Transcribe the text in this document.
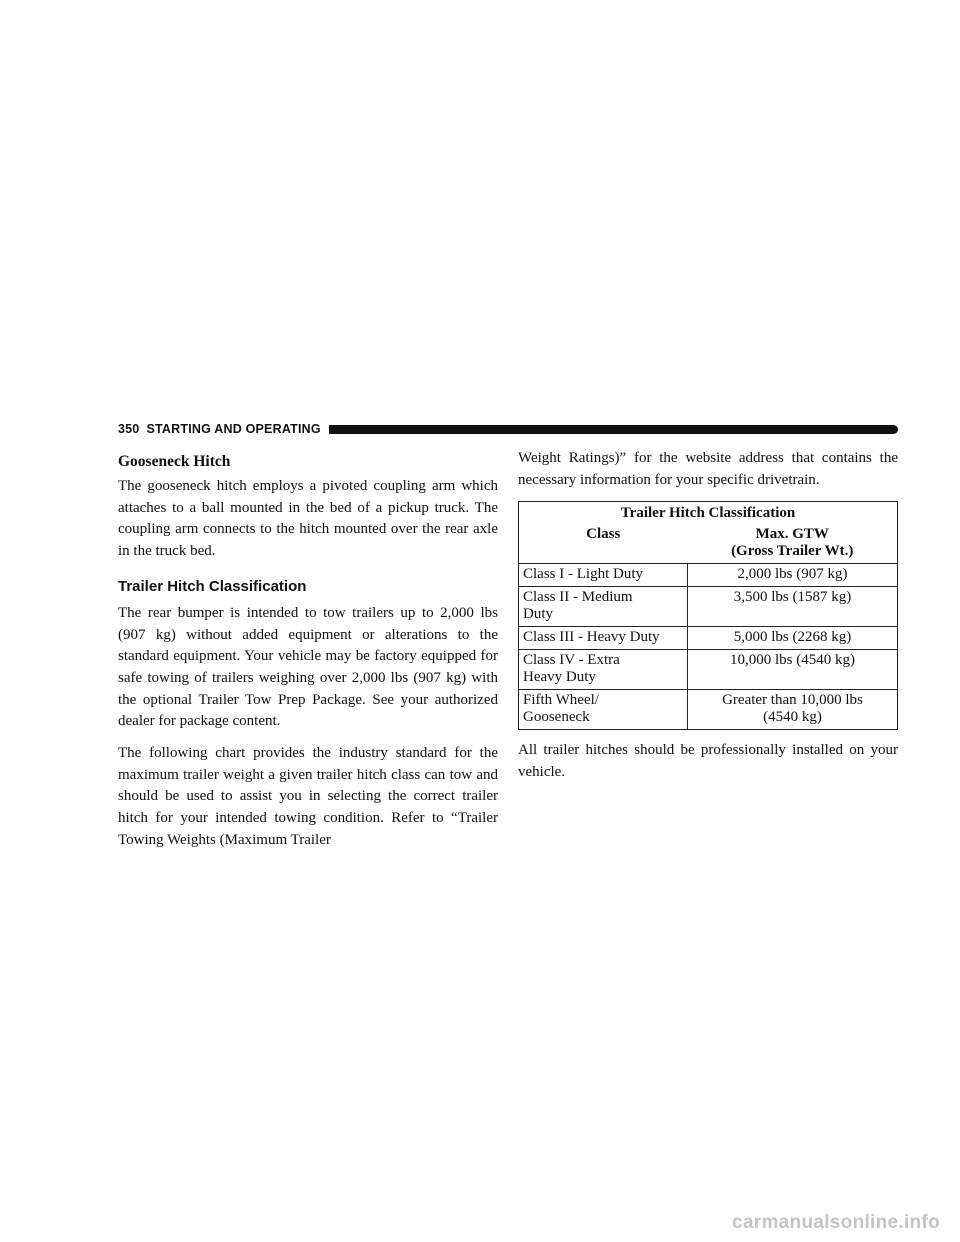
350 STARTING AND OPERATING
Gooseneck Hitch

The gooseneck hitch employs a pivoted coupling arm which attaches to a ball mounted in the bed of a pickup truck. The coupling arm connects to the hitch mounted over the rear axle in the truck bed.

Trailer Hitch Classification

The rear bumper is intended to tow trailers up to 2,000 lbs (907 kg) without added equipment or alterations to the standard equipment. Your vehicle may be factory equipped for safe towing of trailers weighing over 2,000 lbs (907 kg) with the optional Trailer Tow Prep Package. See your authorized dealer for package content.

The following chart provides the industry standard for the maximum trailer weight a given trailer hitch class can tow and should be used to assist you in selecting the correct trailer hitch for your intended towing condition. Refer to “Trailer Towing Weights (Maximum Trailer

Weight Ratings)” for the website address that contains the necessary information for your specific drivetrain.

Trailer Hitch Classification	
Class	Max. GTW
(Gross Trailer Wt.)
Class I - Light Duty	2,000 lbs (907 kg)
Class II - Medium
Duty	3,500 lbs (1587 kg)
Class III - Heavy Duty	5,000 lbs (2268 kg)
Class IV - Extra
Heavy Duty	10,000 lbs (4540 kg)
Fifth Wheel/
Gooseneck	Greater than 10,000 lbs
(4540 kg)

All trailer hitches should be professionally installed on your vehicle.

carmanualsonline.info
